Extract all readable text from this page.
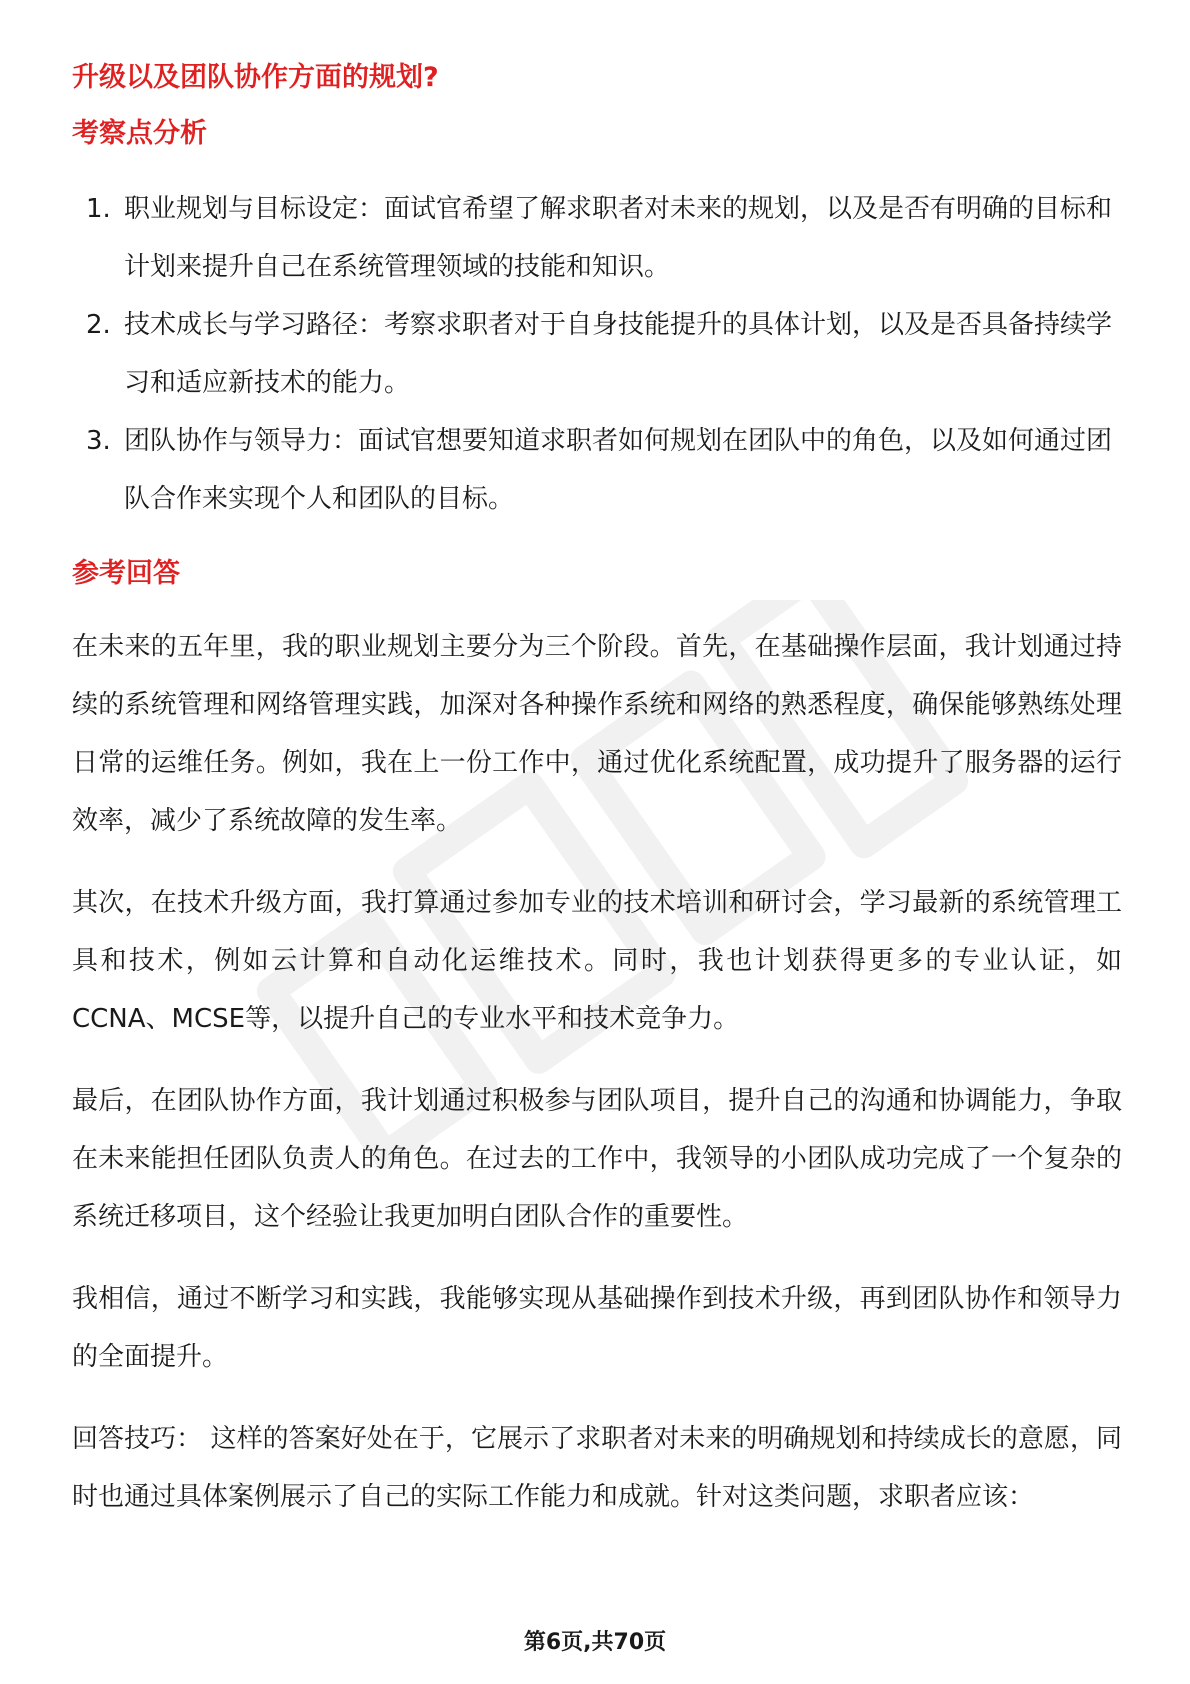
升级以及团队协作方面的规划?
考察点分析
1. 职业规划与目标设定：面试官希望了解求职者对未来的规划，以及是否有明确的目标和计划来提升自己在系统管理领域的技能和知识。
2. 技术成长与学习路径：考察求职者对于自身技能提升的具体计划，以及是否具备持续学习和适应新技术的能力。
3. 团队协作与领导力：面试官想要知道求职者如何规划在团队中的角色，以及如何通过团队合作来实现个人和团队的目标。
参考回答

在未来的五年里，我的职业规划主要分为三个阶段。首先，在基础操作层面，我计划通过持续的系统管理和网络管理实践，加深对各种操作系统和网络的熟悉程度，确保能够熟练处理日常的运维任务。例如，我在上一份工作中，通过优化系统配置，成功提升了服务器的运行效率，减少了系统故障的发生率。

其次，在技术升级方面，我打算通过参加专业的技术培训和研讨会，学习最新的系统管理工具和技术，例如云计算和自动化运维技术。同时，我也计划获得更多的专业认证，如CCNA、MCSE等，以提升自己的专业水平和技术竞争力。

最后，在团队协作方面，我计划通过积极参与团队项目，提升自己的沟通和协调能力，争取在未来能担任团队负责人的角色。在过去的工作中，我领导的小团队成功完成了一个复杂的系统迁移项目，这个经验让我更加明白团队合作的重要性。

我相信，通过不断学习和实践，我能够实现从基础操作到技术升级，再到团队协作和领导力的全面提升。

回答技巧： 这样的答案好处在于，它展示了求职者对未来的明确规划和持续成长的意愿，同时也通过具体案例展示了自己的实际工作能力和成就。针对这类问题，求职者应该：

第6页,共70页
